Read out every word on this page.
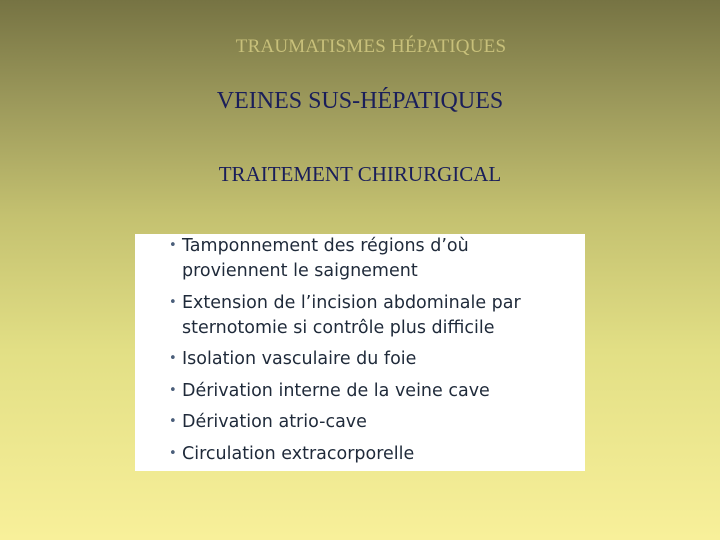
TRAUMATISMES HÉPATIQUES
VEINES SUS-HÉPATIQUES
TRAITEMENT CHIRURGICAL
• Tamponnement des régions d’où proviennent le saignement
• Extension de l’incision abdominale par sternotomie si contrôle plus difficile
• Isolation vasculaire du foie
• Dérivation interne de la veine cave
• Dérivation atrio-cave
• Circulation extracorporelle
